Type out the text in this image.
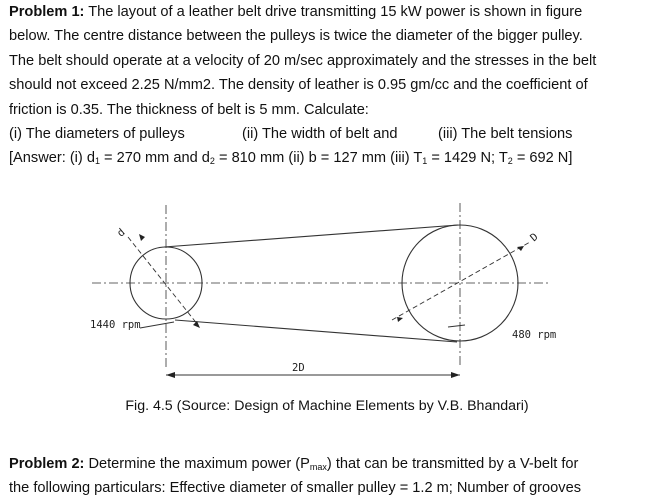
Problem 1: The layout of a leather belt drive transmitting 15 kW power is shown in figure
below. The centre distance between the pulleys is twice the diameter of the bigger pulley.
The belt should operate at a velocity of 20 m/sec approximately and the stresses in the belt
should not exceed 2.25 N/mm2. The density of leather is 0.95 gm/cc and the coefficient of
friction is 0.35. The thickness of belt is 5 mm. Calculate:
(i) The diameters of pulleys	(ii) The width of belt and	(iii) The belt tensions
[Answer: (i) $d_1 = 270$ mm and $d_2 = 810$ mm (ii) b = 127 mm (iii) $T_1 = 1429$ N; $T_2 = 692$ N]
d	D
1440 rpm
480 rpm
2D
Fig. 4.5 (Source: Design of Machine Elements by V.B. Bhandari)
Problem 2: Determine the maximum power $(P_{max})$ that can be transmitted by a V-belt for
the following particulars: Effective diameter of smaller pulley = 1.2 m; Number of grooves
